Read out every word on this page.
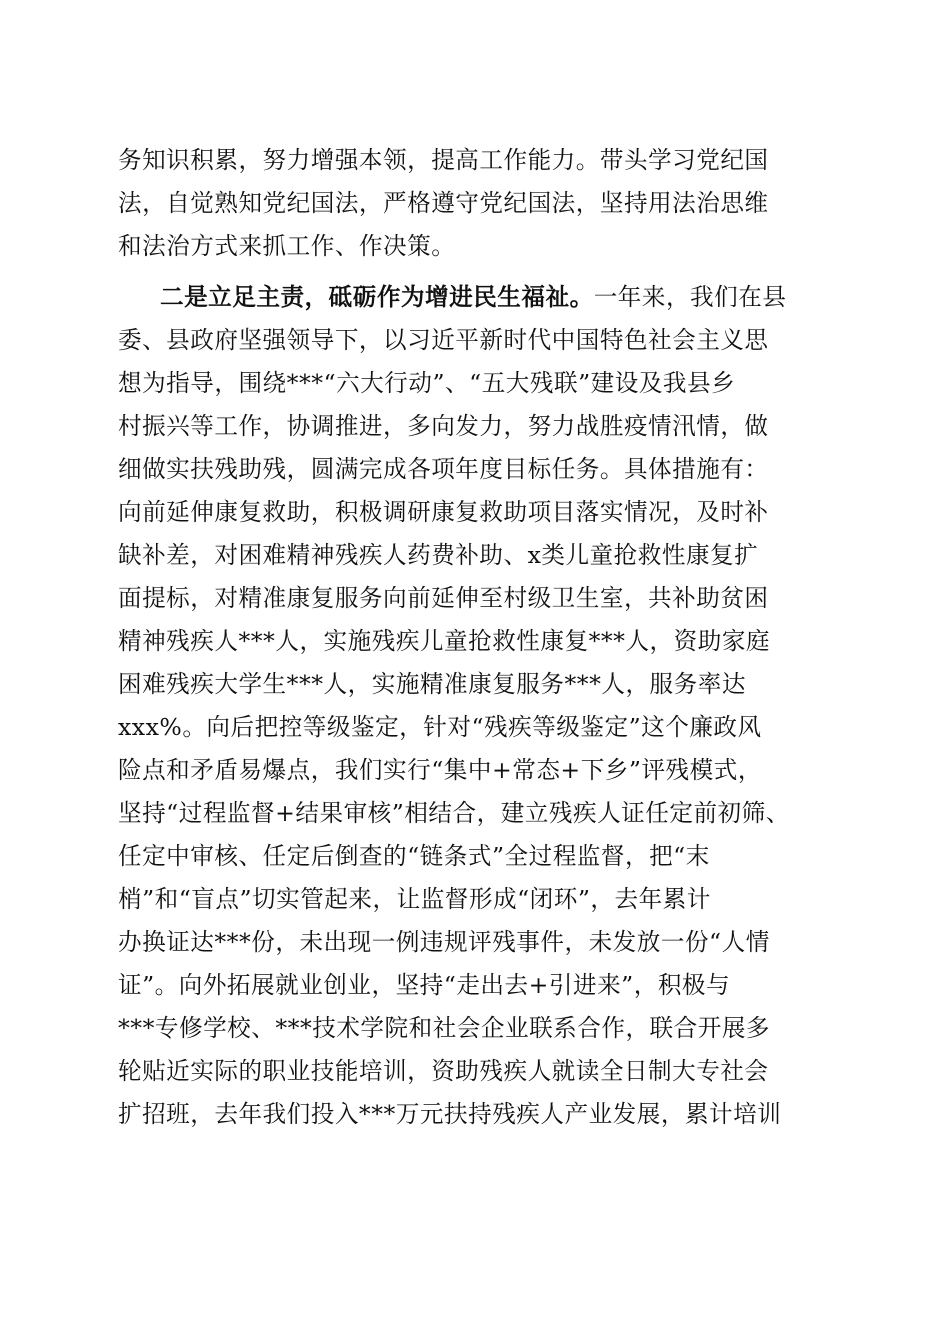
务知识积累，努力增强本领，提高工作能力。带头学习党纪国
法，自觉熟知党纪国法，严格遵守党纪国法，坚持用法治思维
和法治方式来抓工作、作决策。
二是立足主责，砥砺作为增进民生福祉。一年来，我们在县
委、县政府坚强领导下，以习近平新时代中国特色社会主义思
想为指导，围绕***“六大行动”、“五大残联”建设及我县乡
村振兴等工作，协调推进，多向发力，努力战胜疫情汛情，做
细做实扶残助残，圆满完成各项年度目标任务。具体措施有：
向前延伸康复救助，积极调研康复救助项目落实情况，及时补
缺补差，对困难精神残疾人药费补助、x类儿童抢救性康复扩
面提标，对精准康复服务向前延伸至村级卫生室，共补助贫困
精神残疾人***人，实施残疾儿童抢救性康复***人，资助家庭
困难残疾大学生***人，实施精准康复服务***人，服务率达
xxx%。向后把控等级鉴定，针对“残疾等级鉴定”这个廉政风
险点和矛盾易爆点，我们实行“集中+常态+下乡”评残模式，
坚持“过程监督+结果审核”相结合，建立残疾人证任定前初筛、
任定中审核、任定后倒查的“链条式”全过程监督，把“末
梢”和“盲点”切实管起来，让监督形成“闭环”，去年累计
办换证达***份，未出现一例违规评残事件，未发放一份“人情
证”。向外拓展就业创业，坚持“走出去+引进来”，积极与
***专修学校、***技术学院和社会企业联系合作，联合开展多
轮贴近实际的职业技能培训，资助残疾人就读全日制大专社会
扩招班，去年我们投入***万元扶持残疾人产业发展，累计培训
